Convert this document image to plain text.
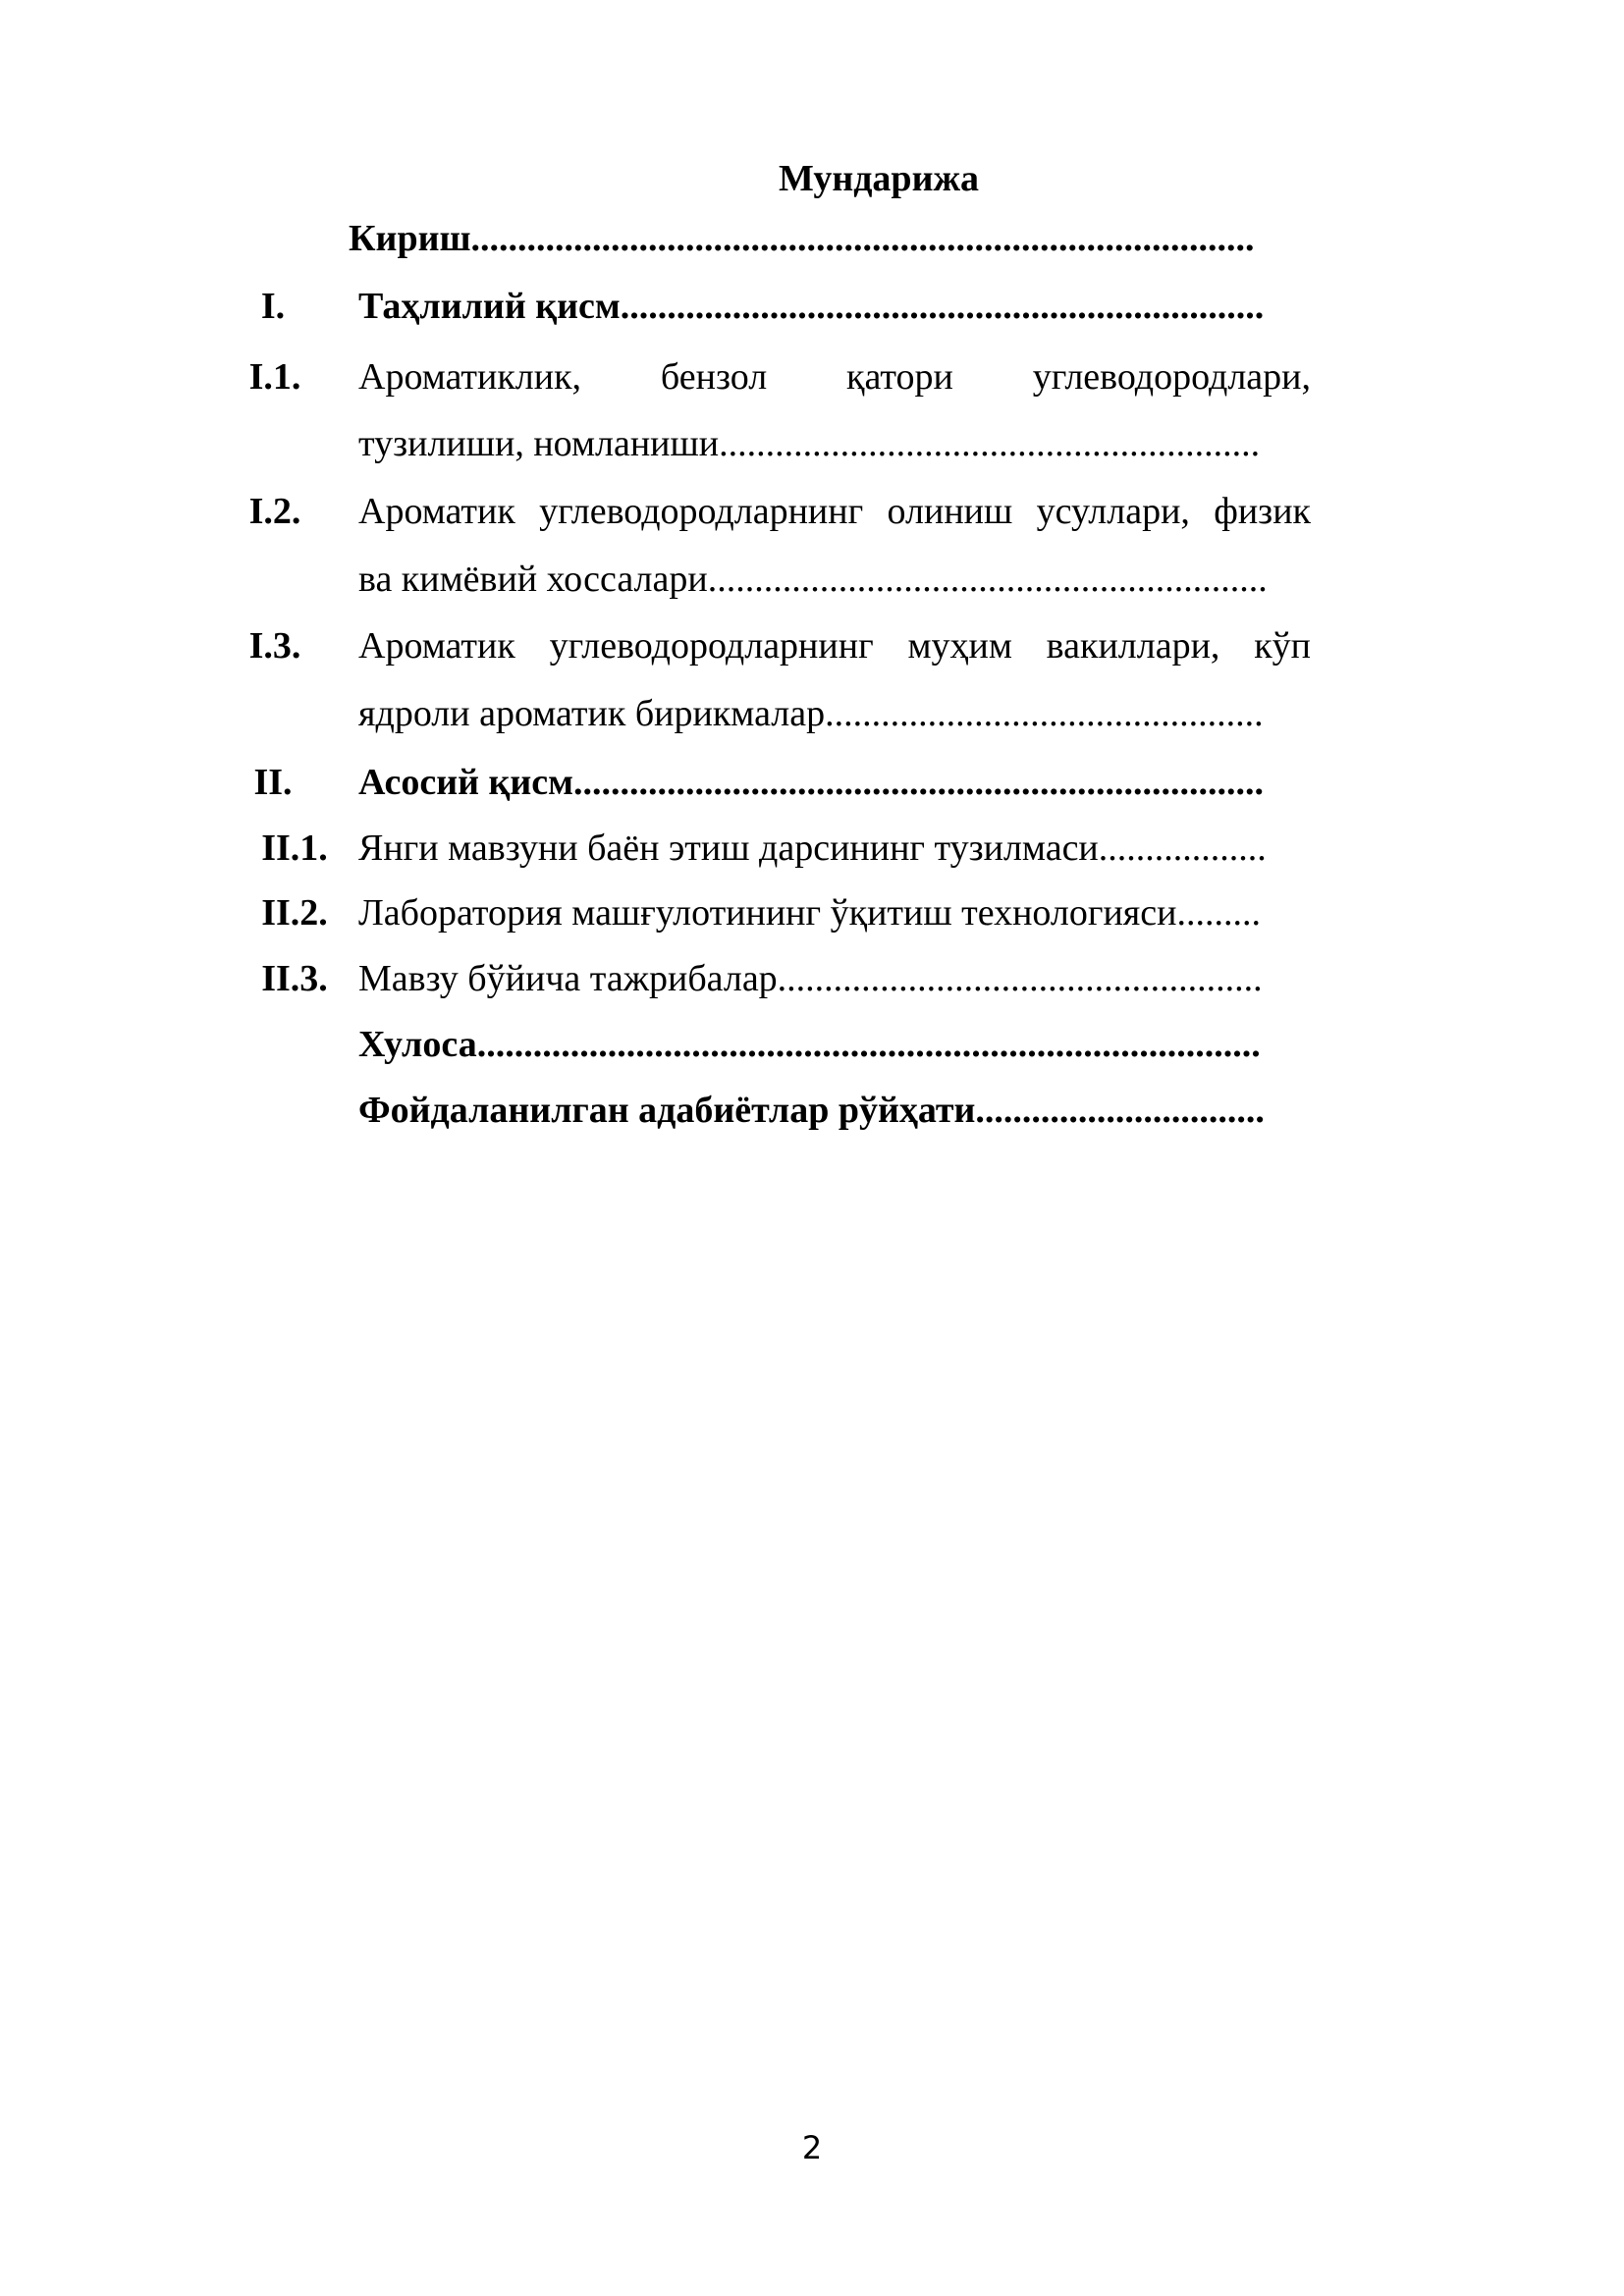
Мундарижа
Кириш....................................................................................
I.	Таҳлилий қисм.....................................................................
I.1.	Ароматиклик, бензол қатори углеводородлари,
тузилиши, номланиши..........................................................
I.2.	Ароматик углеводородларнинг олиниш усуллари, физик
ва кимёвий хоссалари............................................................
I.3.	Ароматик углеводородларнинг муҳим вакиллари, кўп
ядроли ароматик бирикмалар...............................................
II.	Асосий қисм..........................................................................
II.1. Янги мавзуни баён этиш дарсининг тузилмаси..................
II.2. Лаборатория машғулотининг ўқитиш технологияси.........
II.3. Мавзу бўйича тажрибалар....................................................
Хулоса....................................................................................
Фойдаланилган адабиётлар рўйҳати...............................
2
